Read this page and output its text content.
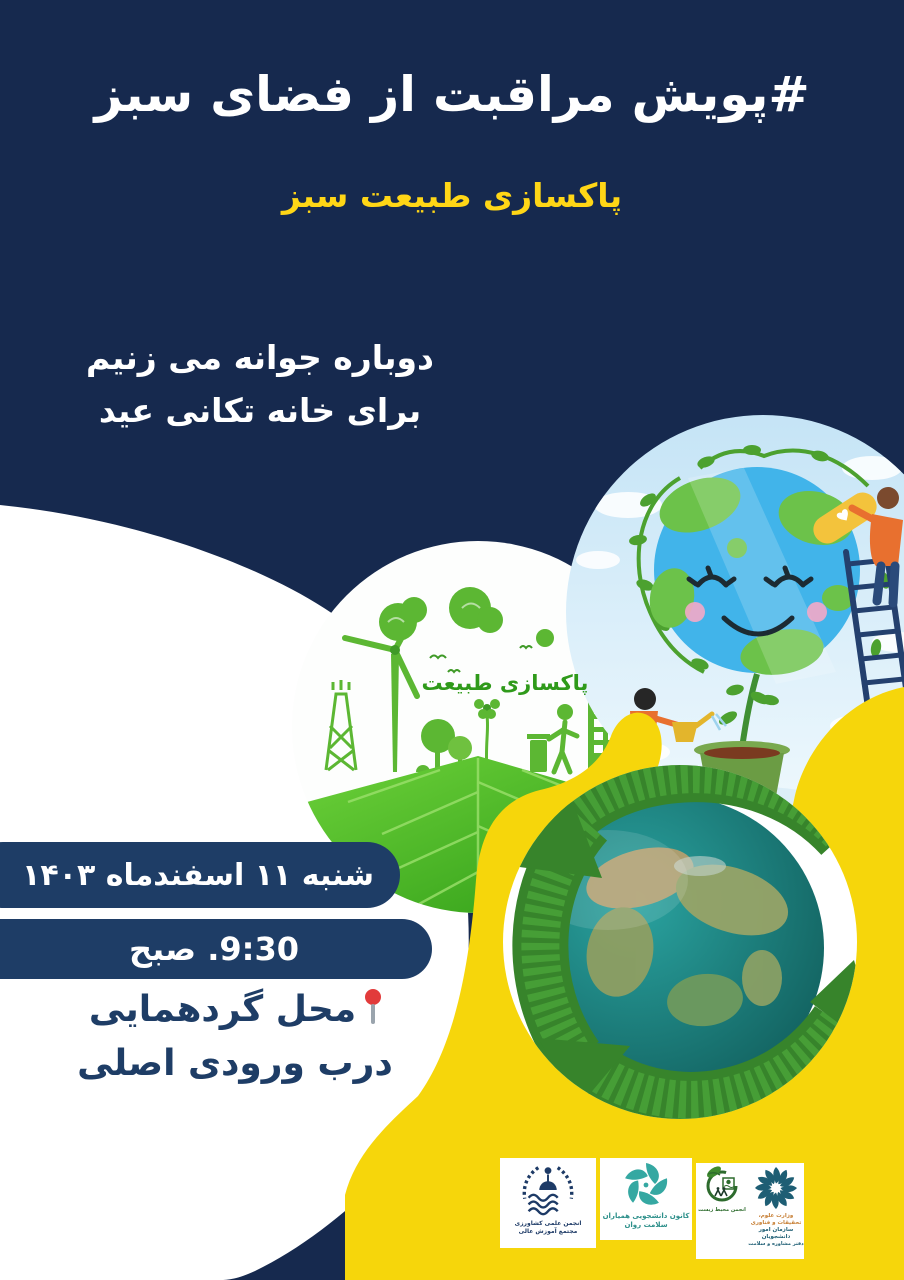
#پویش مراقبت از فضای سبز
پاکسازی طبیعت سبز
دوباره جوانه می زنیم
برای خانه تکانی عید
شنبه ۱۱ اسفندماه ۱۴۰۳
9:30. صبح
محل گردهمایی
درب ورودی اصلی
پاکسازی طبیعت
انجمن علمی کشاورزی
مجتمع آموزش عالی
کانون دانشجویی همیاران
سلامت روان
انجمن محیط زیست
وزارت علوم، تحقیقات و فناوری
سازمان امور دانشجویان
دفتر مشاوره و سلامت
